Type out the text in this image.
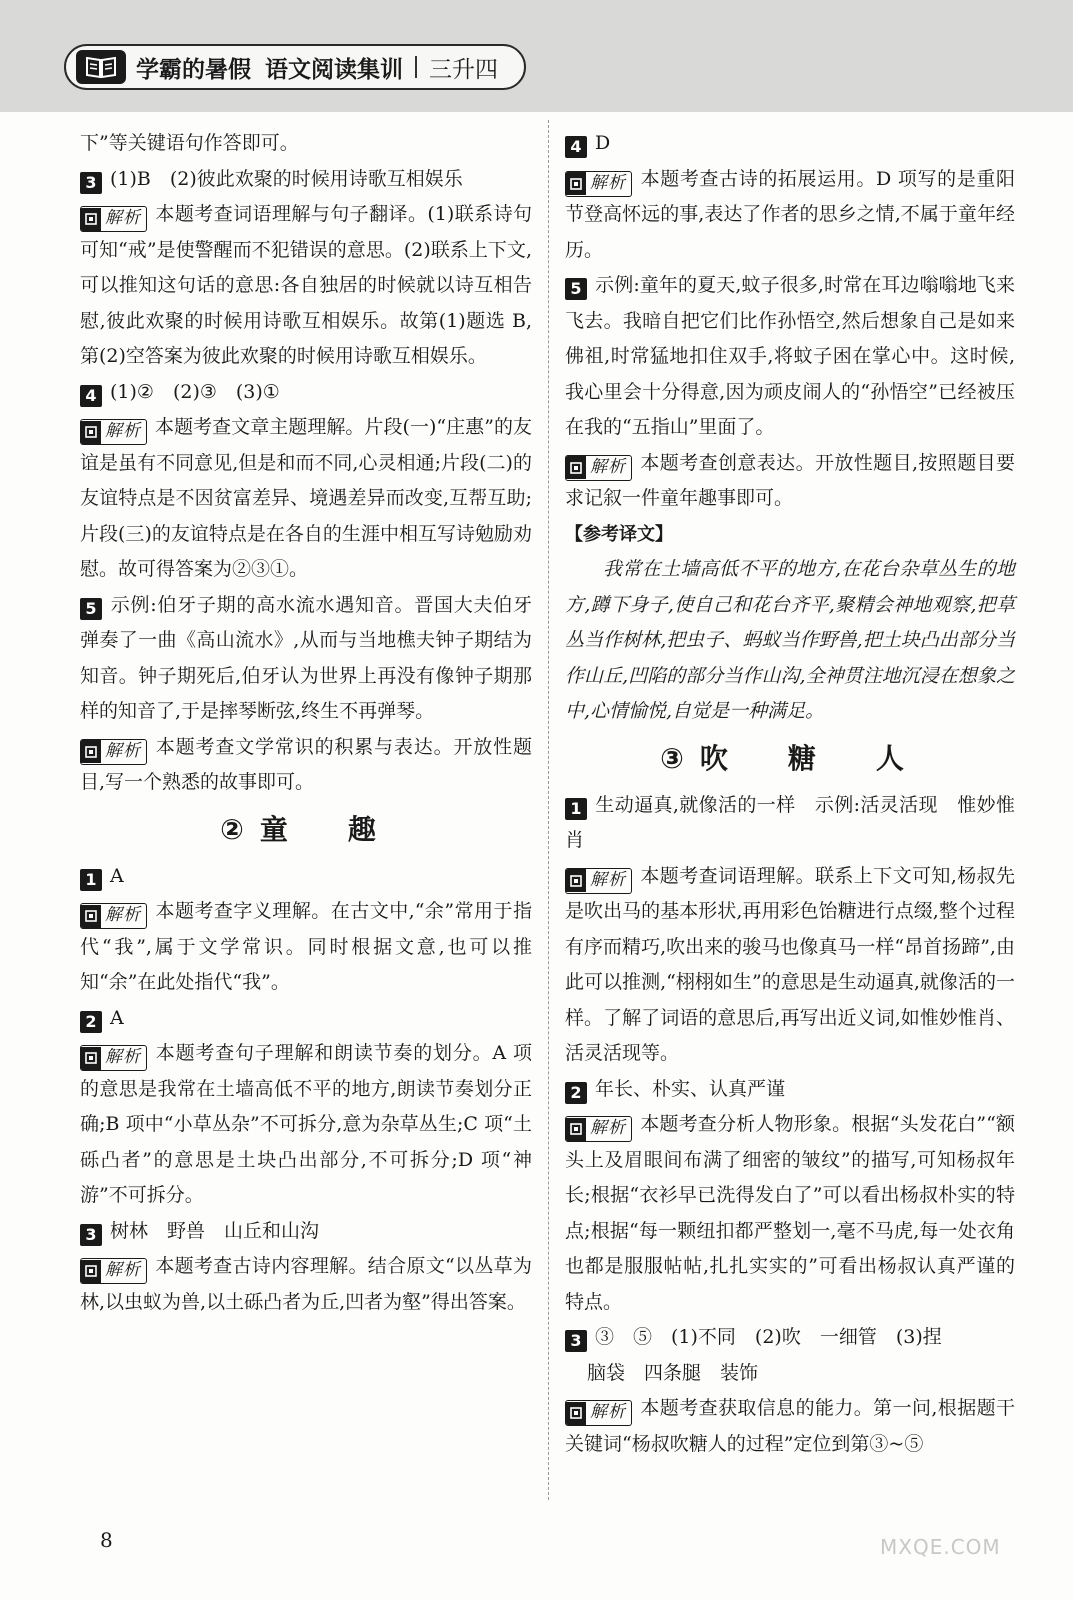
学霸的暑假 语文阅读集训 三升四
下”等关键语句作答即可。
3 (1)B　(2)彼此欢聚的时候用诗歌互相娱乐
解析 本题考查词语理解与句子翻译。(1)联系诗句可知“戒”是使警醒而不犯错误的意思。(2)联系上下文,可以推知这句话的意思:各自独居的时候就以诗互相告慰,彼此欢聚的时候用诗歌互相娱乐。故第(1)题选 B,第(2)空答案为彼此欢聚的时候用诗歌互相娱乐。
4 (1)②　(2)③　(3)①
解析 本题考查文章主题理解。片段(一)“庄惠”的友谊是虽有不同意见,但是和而不同,心灵相通;片段(二)的友谊特点是不因贫富差异、境遇差异而改变,互帮互助;片段(三)的友谊特点是在各自的生涯中相互写诗勉励劝慰。故可得答案为②③①。
5 示例:伯牙子期的高水流水遇知音。晋国大夫伯牙弹奏了一曲《高山流水》,从而与当地樵夫钟子期结为知音。钟子期死后,伯牙认为世界上再没有像钟子期那样的知音了,于是摔琴断弦,终生不再弹琴。
解析 本题考查文学常识的积累与表达。开放性题目,写一个熟悉的故事即可。
②童　趣
1 A
解析 本题考查字义理解。在古文中,“余”常用于指代“我”,属于文学常识。同时根据文意,也可以推知“余”在此处指代“我”。
2 A
解析 本题考查句子理解和朗读节奏的划分。A 项的意思是我常在土墙高低不平的地方,朗读节奏划分正确;B 项中“小草丛杂”不可拆分,意为杂草丛生;C 项“土砾凸者”的意思是土块凸出部分,不可拆分;D 项“神游”不可拆分。
3 树林　野兽　山丘和山沟
解析 本题考查古诗内容理解。结合原文“以丛草为林,以虫蚁为兽,以土砾凸者为丘,凹者为壑”得出答案。
4 D
解析 本题考查古诗的拓展运用。D 项写的是重阳节登高怀远的事,表达了作者的思乡之情,不属于童年经历。
5 示例:童年的夏天,蚊子很多,时常在耳边嗡嗡地飞来飞去。我暗自把它们比作孙悟空,然后想象自己是如来佛祖,时常猛地扣住双手,将蚊子困在掌心中。这时候,我心里会十分得意,因为顽皮闹人的“孙悟空”已经被压在我的“五指山”里面了。
解析 本题考查创意表达。开放性题目,按照题目要求记叙一件童年趣事即可。
【参考译文】
我常在土墙高低不平的地方,在花台杂草丛生的地方,蹲下身子,使自己和花台齐平,聚精会神地观察,把草丛当作树林,把虫子、蚂蚁当作野兽,把土块凸出部分当作山丘,凹陷的部分当作山沟,全神贯注地沉浸在想象之中,心情愉悦,自觉是一种满足。
③吹　糖　人
1 生动逼真,就像活的一样　示例:活灵活现　惟妙惟肖
解析 本题考查词语理解。联系上下文可知,杨叔先是吹出马的基本形状,再用彩色饴糖进行点缀,整个过程有序而精巧,吹出来的骏马也像真马一样“昂首扬蹄”,由此可以推测,“栩栩如生”的意思是生动逼真,就像活的一样。了解了词语的意思后,再写出近义词,如惟妙惟肖、活灵活现等。
2 年长、朴实、认真严谨
解析 本题考查分析人物形象。根据“头发花白”“额头上及眉眼间布满了细密的皱纹”的描写,可知杨叔年长;根据“衣衫早已洗得发白了”可以看出杨叔朴实的特点;根据“每一颗纽扣都严整划一,毫不马虎,每一处衣角也都是服服帖帖,扎扎实实的”可看出杨叔认真严谨的特点。
3 ③　⑤　(1)不同　(2)吹　一细管　(3)捏
脑袋　四条腿　装饰
解析 本题考查获取信息的能力。第一问,根据题干关键词“杨叔吹糖人的过程”定位到第③~⑤
8	MXQE.COM
